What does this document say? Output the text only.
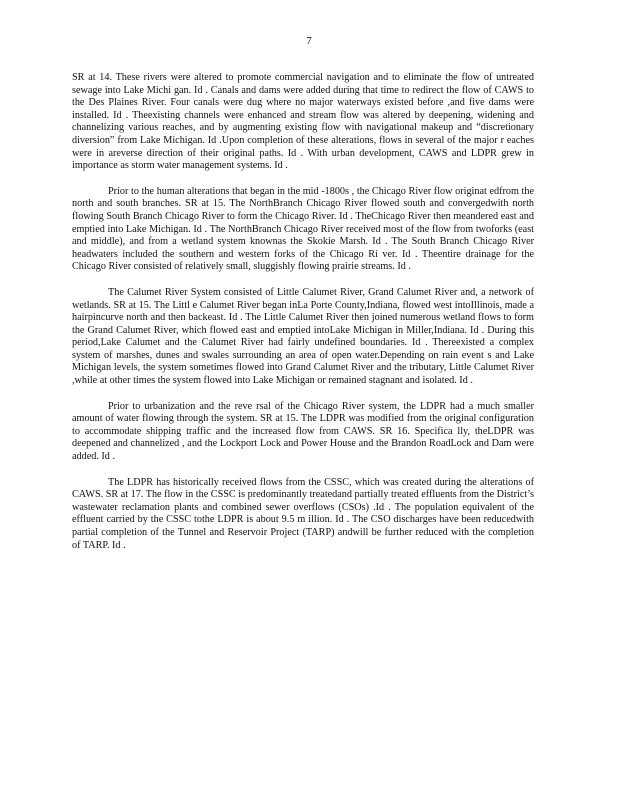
7

SR at 14. These rivers were altered to promote commercial navigation and to eliminate the flow of untreated sewage into Lake Michi gan. Id . Canals and dams were added during that time to redirect the flow of CAWS to the Des Plaines River. Four canals were dug where no major waterways existed before ,and five dams were installed. Id . Theexisting channels were enhanced and stream flow was altered by deepening, widening and channelizing various reaches, and by augmenting existing flow with navigational makeup and “discretionary diversion” from Lake Michigan. Id .Upon completion of these alterations, flows in several of the major r eaches were in areverse direction of their original paths. Id . With urban development, CAWS and LDPR grew in importance as storm water management systems. Id .

Prior to the human alterations that began in the mid -1800s , the Chicago River flow originat edfrom the north and south branches. SR at 15. The NorthBranch Chicago River flowed south and convergedwith north flowing South Branch Chicago River to form the Chicago River. Id . TheChicago River then meandered east and emptied into Lake Michigan. Id . The NorthBranch Chicago River received most of the flow from twoforks (east and middle), and from a wetland system knownas the Skokie Marsh. Id . The South Branch Chicago River headwaters included the southern and western forks of the Chicago Ri ver. Id . Theentire drainage for the Chicago River consisted of relatively small, sluggishly flowing prairie streams. Id .

The Calumet River System consisted of Little Calumet River, Grand Calumet River and, a network of wetlands. SR at 15. The Littl e Calumet River began inLa Porte County,Indiana, flowed west intoIllinois, made a hairpincurve north and then backeast. Id . The Little Calumet River then joined numerous wetland flows to form the Grand Calumet River, which flowed east and emptied intoLake Michigan in Miller,Indiana. Id . During this period,Lake Calumet and the Calumet River had fairly undefined boundaries. Id . Thereexisted a complex system of marshes, dunes and swales surrounding an area of open water.Depending on rain event s and Lake Michigan levels, the system sometimes flowed into Grand Calumet River and the tributary, Little Calumet River ,while at other times the system flowed into Lake Michigan or remained stagnant and isolated. Id .

Prior to urbanization and the reve rsal of the Chicago River system, the LDPR had a much smaller amount of water flowing through the system. SR at 15. The LDPR was modified from the original configuration to accommodate shipping traffic and the increased flow from CAWS. SR 16. Specifica lly, theLDPR was deepened and channelized , and the Lockport Lock and Power House and the Brandon RoadLock and Dam were added. Id .

The LDPR has historically received flows from the CSSC, which was created during the alterations of CAWS. SR at 17. The flow in the CSSC is predominantly treatedand partially treated effluents from the District’s wastewater reclamation plants and combined sewer overflows (CSOs) .Id . The population equivalent of the effluent carried by the CSSC tothe LDPR is about 9.5 m illion. Id . The CSO discharges have been reducedwith partial completion of the Tunnel and Reservoir Project (TARP) andwill be further reduced with the completion of TARP. Id .
